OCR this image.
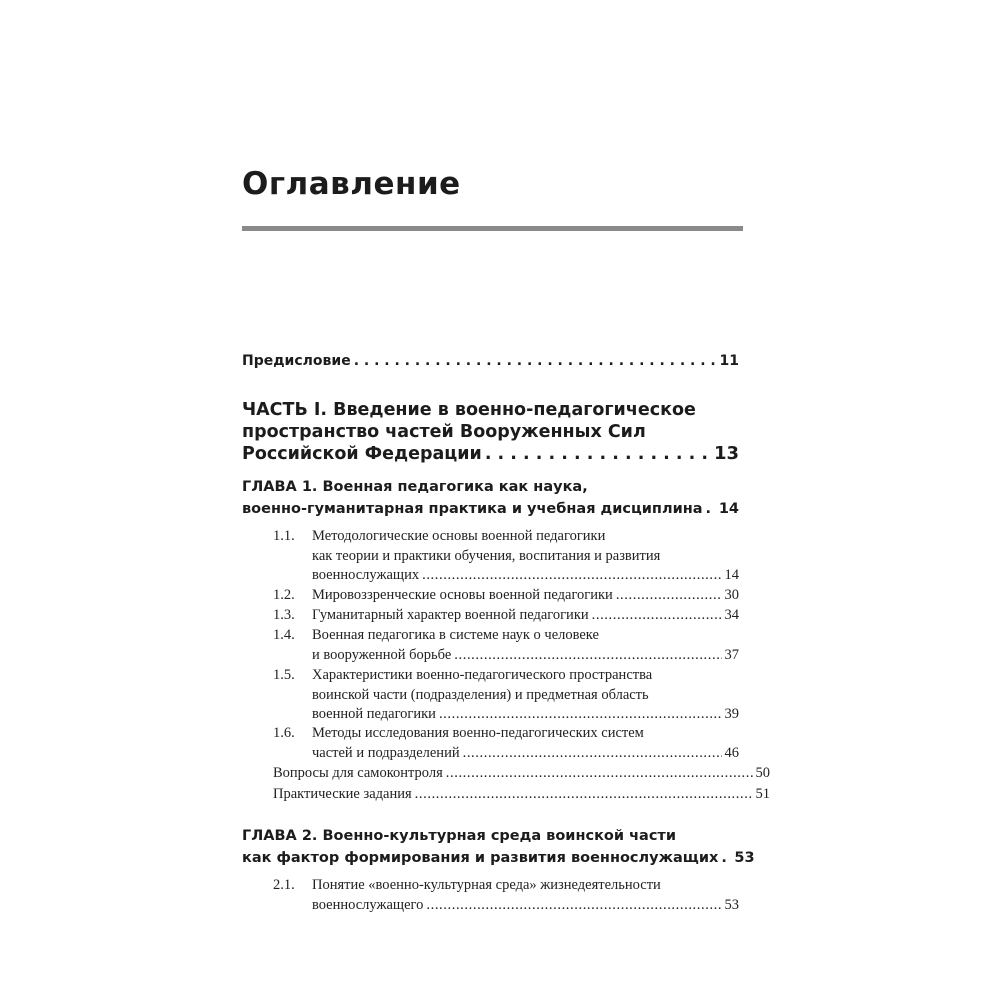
Оглавление
Предисловие . . .	11
ЧАСТЬ I. Введение в военно-педагогическое
пространство частей Вооруженных Сил
Российской Федерации . . .	13
ГЛАВА 1. Военная педагогика как наука,
военно-гуманитарная практика и учебная дисциплина . . . 14
1.1. Методологические основы военной педагогики
как теории и практики обучения, воспитания и развития
военнослужащих .....	14
1.2. Мировоззренческие основы военной педагогики .....	30
1.3. Гуманитарный характер военной педагогики .....	34
1.4. Военная педагогика в системе наук о человеке
и вооруженной борьбе .....	37
1.5. Характеристики военно-педагогического пространства
воинской части (подразделения) и предметная область
военной педагогики .....	39
1.6. Методы исследования военно-педагогических систем
частей и подразделений .....	46
Вопросы для самоконтроля .....	50
Практические задания .....	51
ГЛАВА 2. Военно-культурная среда воинской части
как фактор формирования и развития военнослужащих . . . 53
2.1. Понятие «военно-культурная среда» жизнедеятельности
военнослужащего .....	53
